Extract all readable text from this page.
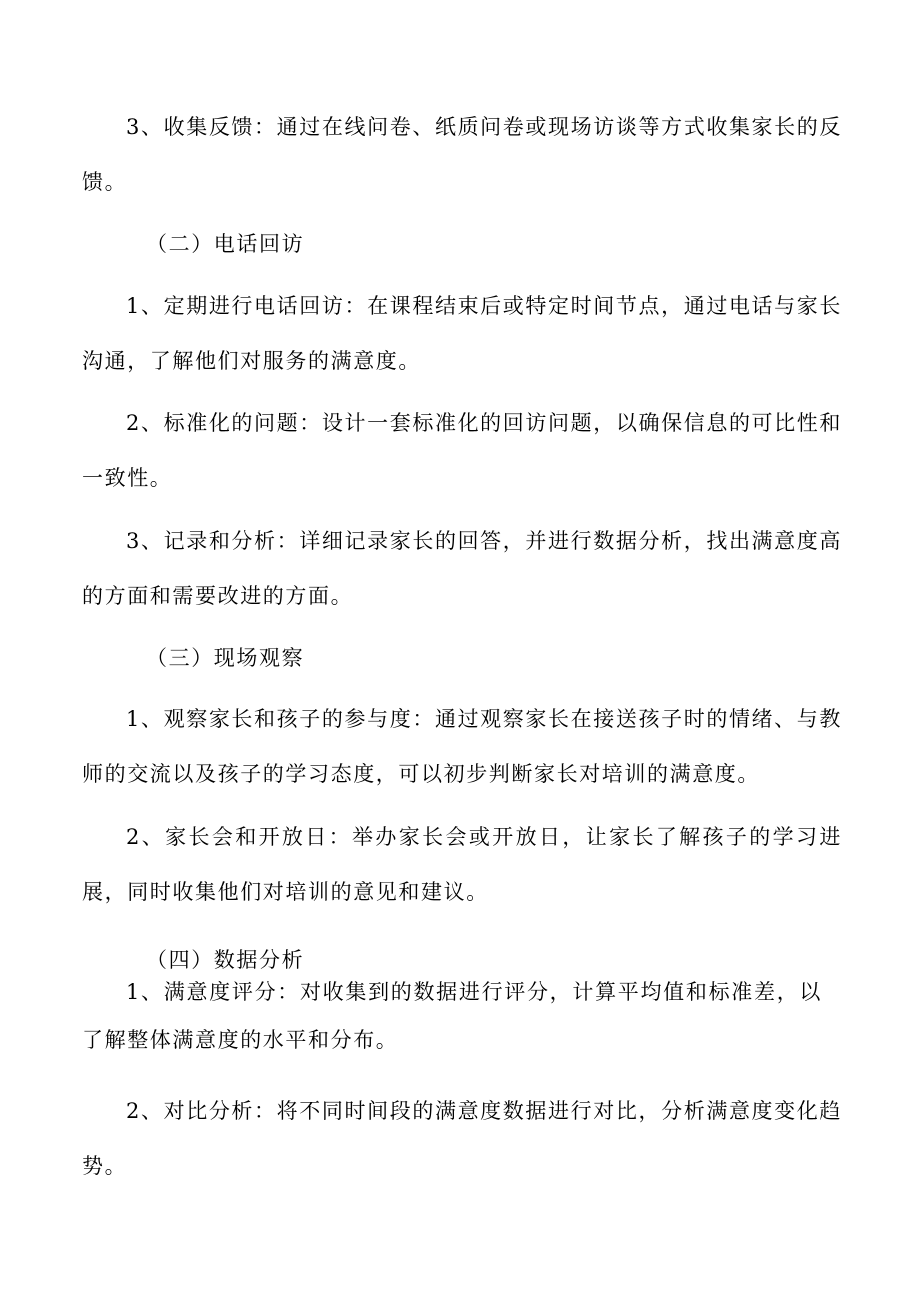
3、收集反馈：通过在线问卷、纸质问卷或现场访谈等方式收集家长的反馈。

（二）电话回访

1、定期进行电话回访：在课程结束后或特定时间节点，通过电话与家长沟通，了解他们对服务的满意度。

2、标准化的问题：设计一套标准化的回访问题，以确保信息的可比性和一致性。

3、记录和分析：详细记录家长的回答，并进行数据分析，找出满意度高的方面和需要改进的方面。

（三）现场观察

1、观察家长和孩子的参与度：通过观察家长在接送孩子时的情绪、与教师的交流以及孩子的学习态度，可以初步判断家长对培训的满意度。

2、家长会和开放日：举办家长会或开放日，让家长了解孩子的学习进展，同时收集他们对培训的意见和建议。

（四）数据分析

1、满意度评分：对收集到的数据进行评分，计算平均值和标准差，以了解整体满意度的水平和分布。

2、对比分析：将不同时间段的满意度数据进行对比，分析满意度变化趋势。
